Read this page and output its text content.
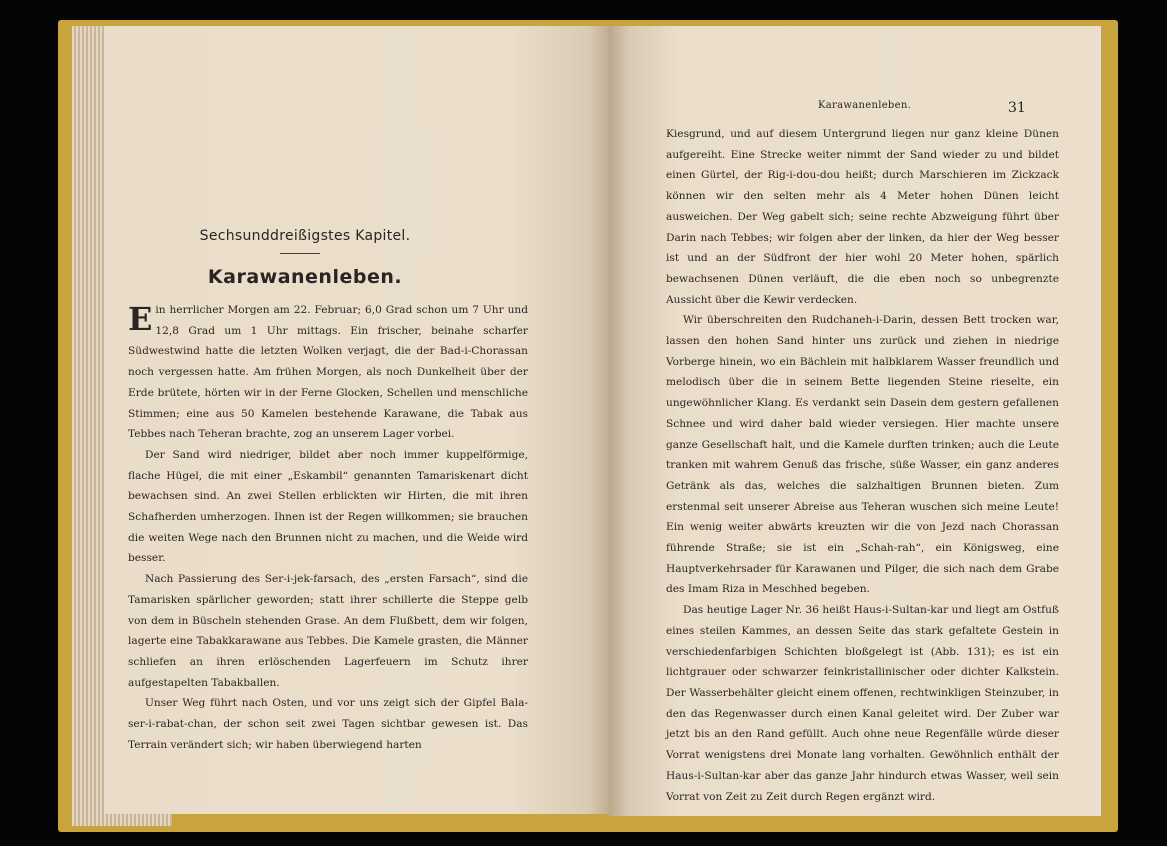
Sechsunddreißigstes Kapitel.
Karawanenleben.

Ein herrlicher Morgen am 22. Februar; 6,0 Grad schon um 7 Uhr und 12,8 Grad um 1 Uhr mittags. Ein frischer, beinahe scharfer Südwestwind hatte die letzten Wolken verjagt, die der Bad-i-Chorassan noch vergessen hatte. Am frühen Morgen, als noch Dunkelheit über der Erde brütete, hörten wir in der Ferne Glocken, Schellen und menschliche Stimmen; eine aus 50 Kamelen bestehende Karawane, die Tabak aus Tebbes nach Teheran brachte, zog an unserem Lager vorbei.

Der Sand wird niedriger, bildet aber noch immer kuppelförmige, flache Hügel, die mit einer „Eskambil“ genannten Tamariskenart dicht bewachsen sind. An zwei Stellen erblickten wir Hirten, die mit ihren Schafherden umherzogen. Ihnen ist der Regen willkommen; sie brauchen die weiten Wege nach den Brunnen nicht zu machen, und die Weide wird besser.

Nach Passierung des Ser-i-jek-farsach, des „ersten Farsach“, sind die Tamarisken spärlicher geworden; statt ihrer schillerte die Steppe gelb von dem in Büscheln stehenden Grase. An dem Flußbett, dem wir folgen, lagerte eine Tabakkarawane aus Tebbes. Die Kamele grasten, die Männer schliefen an ihren erlöschenden Lagerfeuern im Schutz ihrer aufgestapelten Tabakballen.

Unser Weg führt nach Osten, und vor uns zeigt sich der Gipfel Bala-ser-i-rabat-chan, der schon seit zwei Tagen sichtbar gewesen ist. Das Terrain verändert sich; wir haben überwiegend harten

Karawanenleben.	31

Kiesgrund, und auf diesem Untergrund liegen nur ganz kleine Dünen aufgereiht. Eine Strecke weiter nimmt der Sand wieder zu und bildet einen Gürtel, der Rig-i-dou-dou heißt; durch Marschieren im Zickzack können wir den selten mehr als 4 Meter hohen Dünen leicht ausweichen. Der Weg gabelt sich; seine rechte Abzweigung führt über Darin nach Tebbes; wir folgen aber der linken, da hier der Weg besser ist und an der Südfront der hier wohl 20 Meter hohen, spärlich bewachsenen Dünen verläuft, die die eben noch so unbegrenzte Aussicht über die Kewir verdecken.

Wir überschreiten den Rudchaneh-i-Darin, dessen Bett trocken war, lassen den hohen Sand hinter uns zurück und ziehen in niedrige Vorberge hinein, wo ein Bächlein mit halbklarem Wasser freundlich und melodisch über die in seinem Bette liegenden Steine rieselte, ein ungewöhnlicher Klang. Es verdankt sein Dasein dem gestern gefallenen Schnee und wird daher bald wieder versiegen. Hier machte unsere ganze Gesellschaft halt, und die Kamele durften trinken; auch die Leute tranken mit wahrem Genuß das frische, süße Wasser, ein ganz anderes Getränk als das, welches die salzhaltigen Brunnen bieten. Zum erstenmal seit unserer Abreise aus Teheran wuschen sich meine Leute! Ein wenig weiter abwärts kreuzten wir die von Jezd nach Chorassan führende Straße; sie ist ein „Schah-rah“, ein Königsweg, eine Hauptverkehrsader für Karawanen und Pilger, die sich nach dem Grabe des Imam Riza in Meschhed begeben.

Das heutige Lager Nr. 36 heißt Haus-i-Sultan-kar und liegt am Ostfuß eines steilen Kammes, an dessen Seite das stark gefaltete Gestein in verschiedenfarbigen Schichten bloßgelegt ist (Abb. 131); es ist ein lichtgrauer oder schwarzer feinkristallinischer oder dichter Kalkstein. Der Wasserbehälter gleicht einem offenen, rechtwinkligen Steinzuber, in den das Regenwasser durch einen Kanal geleitet wird. Der Zuber war jetzt bis an den Rand gefüllt. Auch ohne neue Regenfälle würde dieser Vorrat wenigstens drei Monate lang vorhalten. Gewöhnlich enthält der Haus-i-Sultan-kar aber das ganze Jahr hindurch etwas Wasser, weil sein Vorrat von Zeit zu Zeit durch Regen ergänzt wird.
